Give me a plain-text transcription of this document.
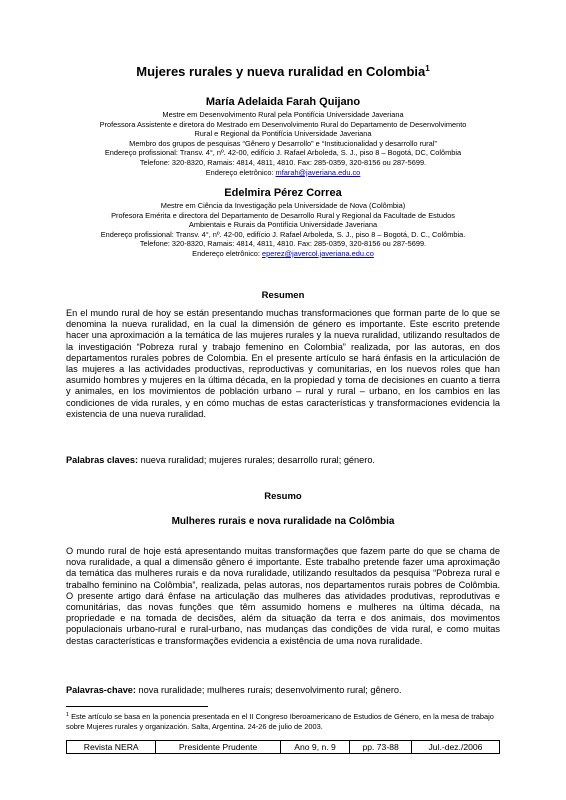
Mujeres rurales y nueva ruralidad en Colombia$^1$
María Adelaida Farah Quijano
Mestre em Desenvolvimento Rural pela Pontifícia Universidade Javeriana
Professora Assistente e diretora do Mestrado em Desenvolvimento Rural do Departamento de Desenvolvimento
Rural e Regional da Pontifícia Universidade Javeriana
Membro dos grupos de pesquisas “Gênero y Desarrollo” e “Institucionalidad y desarrollo rural”
Endereço profissional: Transv. 4°, nº. 42-00, edifício J. Rafael Arboleda, S. J., piso 8 – Bogotá, DC, Colômbia
Telefone: 320-8320, Ramais: 4814, 4811, 4810. Fax: 285-0359, 320-8156 ou 287-5699.
Endereço eletrônico: mfarah@javeriana.edu.co
Edelmira Pérez Correa
Mestre em Ciência da Investigação pela Universidade de Nova (Colômbia)
Profesora Emérita e directora del Departamento de Desarrollo Rural y Regional da Facultade de Estudos
Ambientais e Rurais da Pontifícia Universidade Javeriana
Endereço profissional: Transv. 4°, nº. 42-00, edifício J. Rafael Arboleda, S. J., piso 8 – Bogotá, D. C., Colômbia.
Telefone: 320-8320, Ramais: 4814, 4811, 4810. Fax: 285-0359, 320-8156 ou 287-5699.
Endereço eletrônico: eperez@javercol.javeriana.edu.co
Resumen
En el mundo rural de hoy se están presentando muchas transformaciones que forman parte de lo que se denomina la nueva ruralidad, en la cual la dimensión de género es importante. Este escrito pretende hacer una aproximación a la temática de las mujeres rurales y la nueva ruralidad, utilizando resultados de la investigación “Pobreza rural y trabajo femenino en Colombia” realizada, por las autoras, en dos departamentos rurales pobres de Colombia. En el presente artículo se hará énfasis en la articulación de las mujeres a las actividades productivas, reproductivas y comunitarias, en los nuevos roles que han asumido hombres y mujeres en la última década, en la propiedad y toma de decisiones en cuanto a tierra y animales, en los movimientos de población urbano – rural y rural – urbano, en los cambios en las condiciones de vida rurales, y en cómo muchas de estas características y transformaciones evidencia la existencia de una nueva ruralidad.
Palabras claves: nueva ruralidad; mujeres rurales; desarrollo rural; género.
Resumo
Mulheres rurais e nova ruralidade na Colômbia
O mundo rural de hoje está apresentando muitas transformações que fazem parte do que se chama de nova ruralidade, a qual a dimensão gênero é importante. Este trabalho pretende fazer uma aproximação da temática das mulheres rurais e da nova ruralidade, utilizando resultados da pesquisa “Pobreza rural e trabalho feminino na Colômbia”, realizada, pelas autoras, nos departamentos rurais pobres de Colômbia. O presente artigo dará ênfase na articulação das mulheres das atividades produtivas, reprodutivas e comunitárias, das novas funções que têm assumido homens e mulheres na última década, na propriedade e na tomada de decisões, além da situação da terra e dos animais, dos movimentos populacionais urbano-rural e rural-urbano, nas mudanças das condições de vida rural, e como muitas destas características e transformações evidencia a existência de uma nova ruralidade.
Palavras-chave: nova ruralidade; mulheres rurais; desenvolvimento rural; gênero.
$^1$ Este artículo se basa en la ponencia presentada en el II Congreso Iberoamericano de Estudios de Género, en la mesa de trabajo sobre Mujeres rurales y organización. Salta, Argentina. 24-26 de julio de 2003.
Revista NERA	Presidente Prudente	Ano 9, n. 9	pp. 73-88	Jul.-dez./2006
